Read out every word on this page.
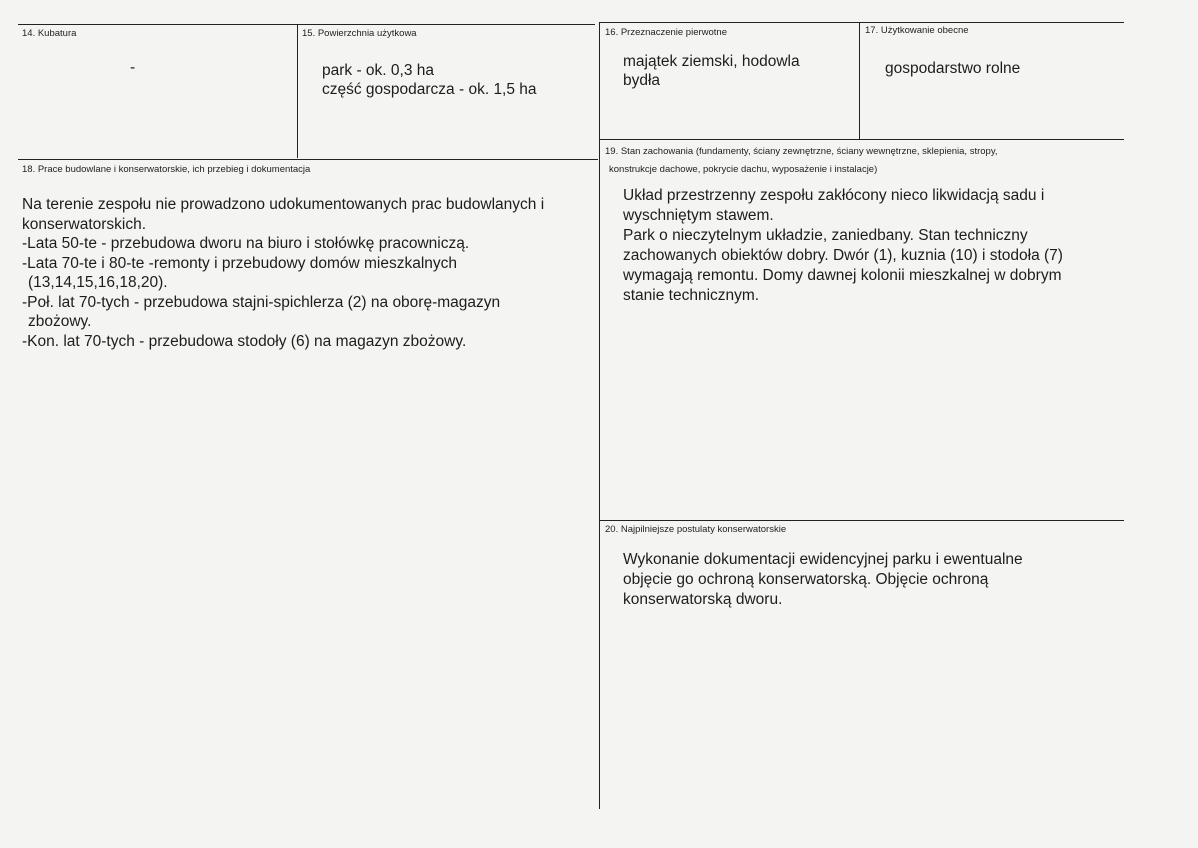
14. Kubatura
-
15. Powierzchnia użytkowa
park - ok. 0,3 ha
część gospodarcza - ok. 1,5 ha
16. Przeznaczenie pierwotne
majątek ziemski, hodowla
bydła
17. Użytkowanie obecne
gospodarstwo rolne
18. Prace budowlane i konserwatorskie, ich przebieg i dokumentacja
Na terenie zespołu nie prowadzono udokumentowanych prac budowlanych i
konserwatorskich.
-Lata 50-te - przebudowa dworu na biuro i stołówkę pracowniczą.
-Lata 70-te i 80-te -remonty i przebudowy domów mieszkalnych
(13,14,15,16,18,20).
-Poł. lat 70-tych - przebudowa stajni-spichlerza (2) na oborę-magazyn
zbożowy.
-Kon. lat 70-tych - przebudowa stodoły (6) na magazyn zbożowy.
19. Stan zachowania (fundamenty, ściany zewnętrzne, ściany wewnętrzne, sklepienia, stropy,
konstrukcje dachowe, pokrycie dachu, wyposażenie i instalacje)
Układ przestrzenny zespołu zakłócony nieco likwidacją sadu i
wyschniętym stawem.
Park o nieczytelnym układzie, zaniedbany. Stan techniczny
zachowanych obiektów dobry. Dwór (1), kuznia (10) i stodoła (7)
wymagają remontu. Domy dawnej kolonii mieszkalnej w dobrym
stanie technicznym.
20. Najpilniejsze postulaty konserwatorskie
Wykonanie dokumentacji ewidencyjnej parku i ewentualne
objęcie go ochroną konserwatorską. Objęcie ochroną
konserwatorską dworu.
